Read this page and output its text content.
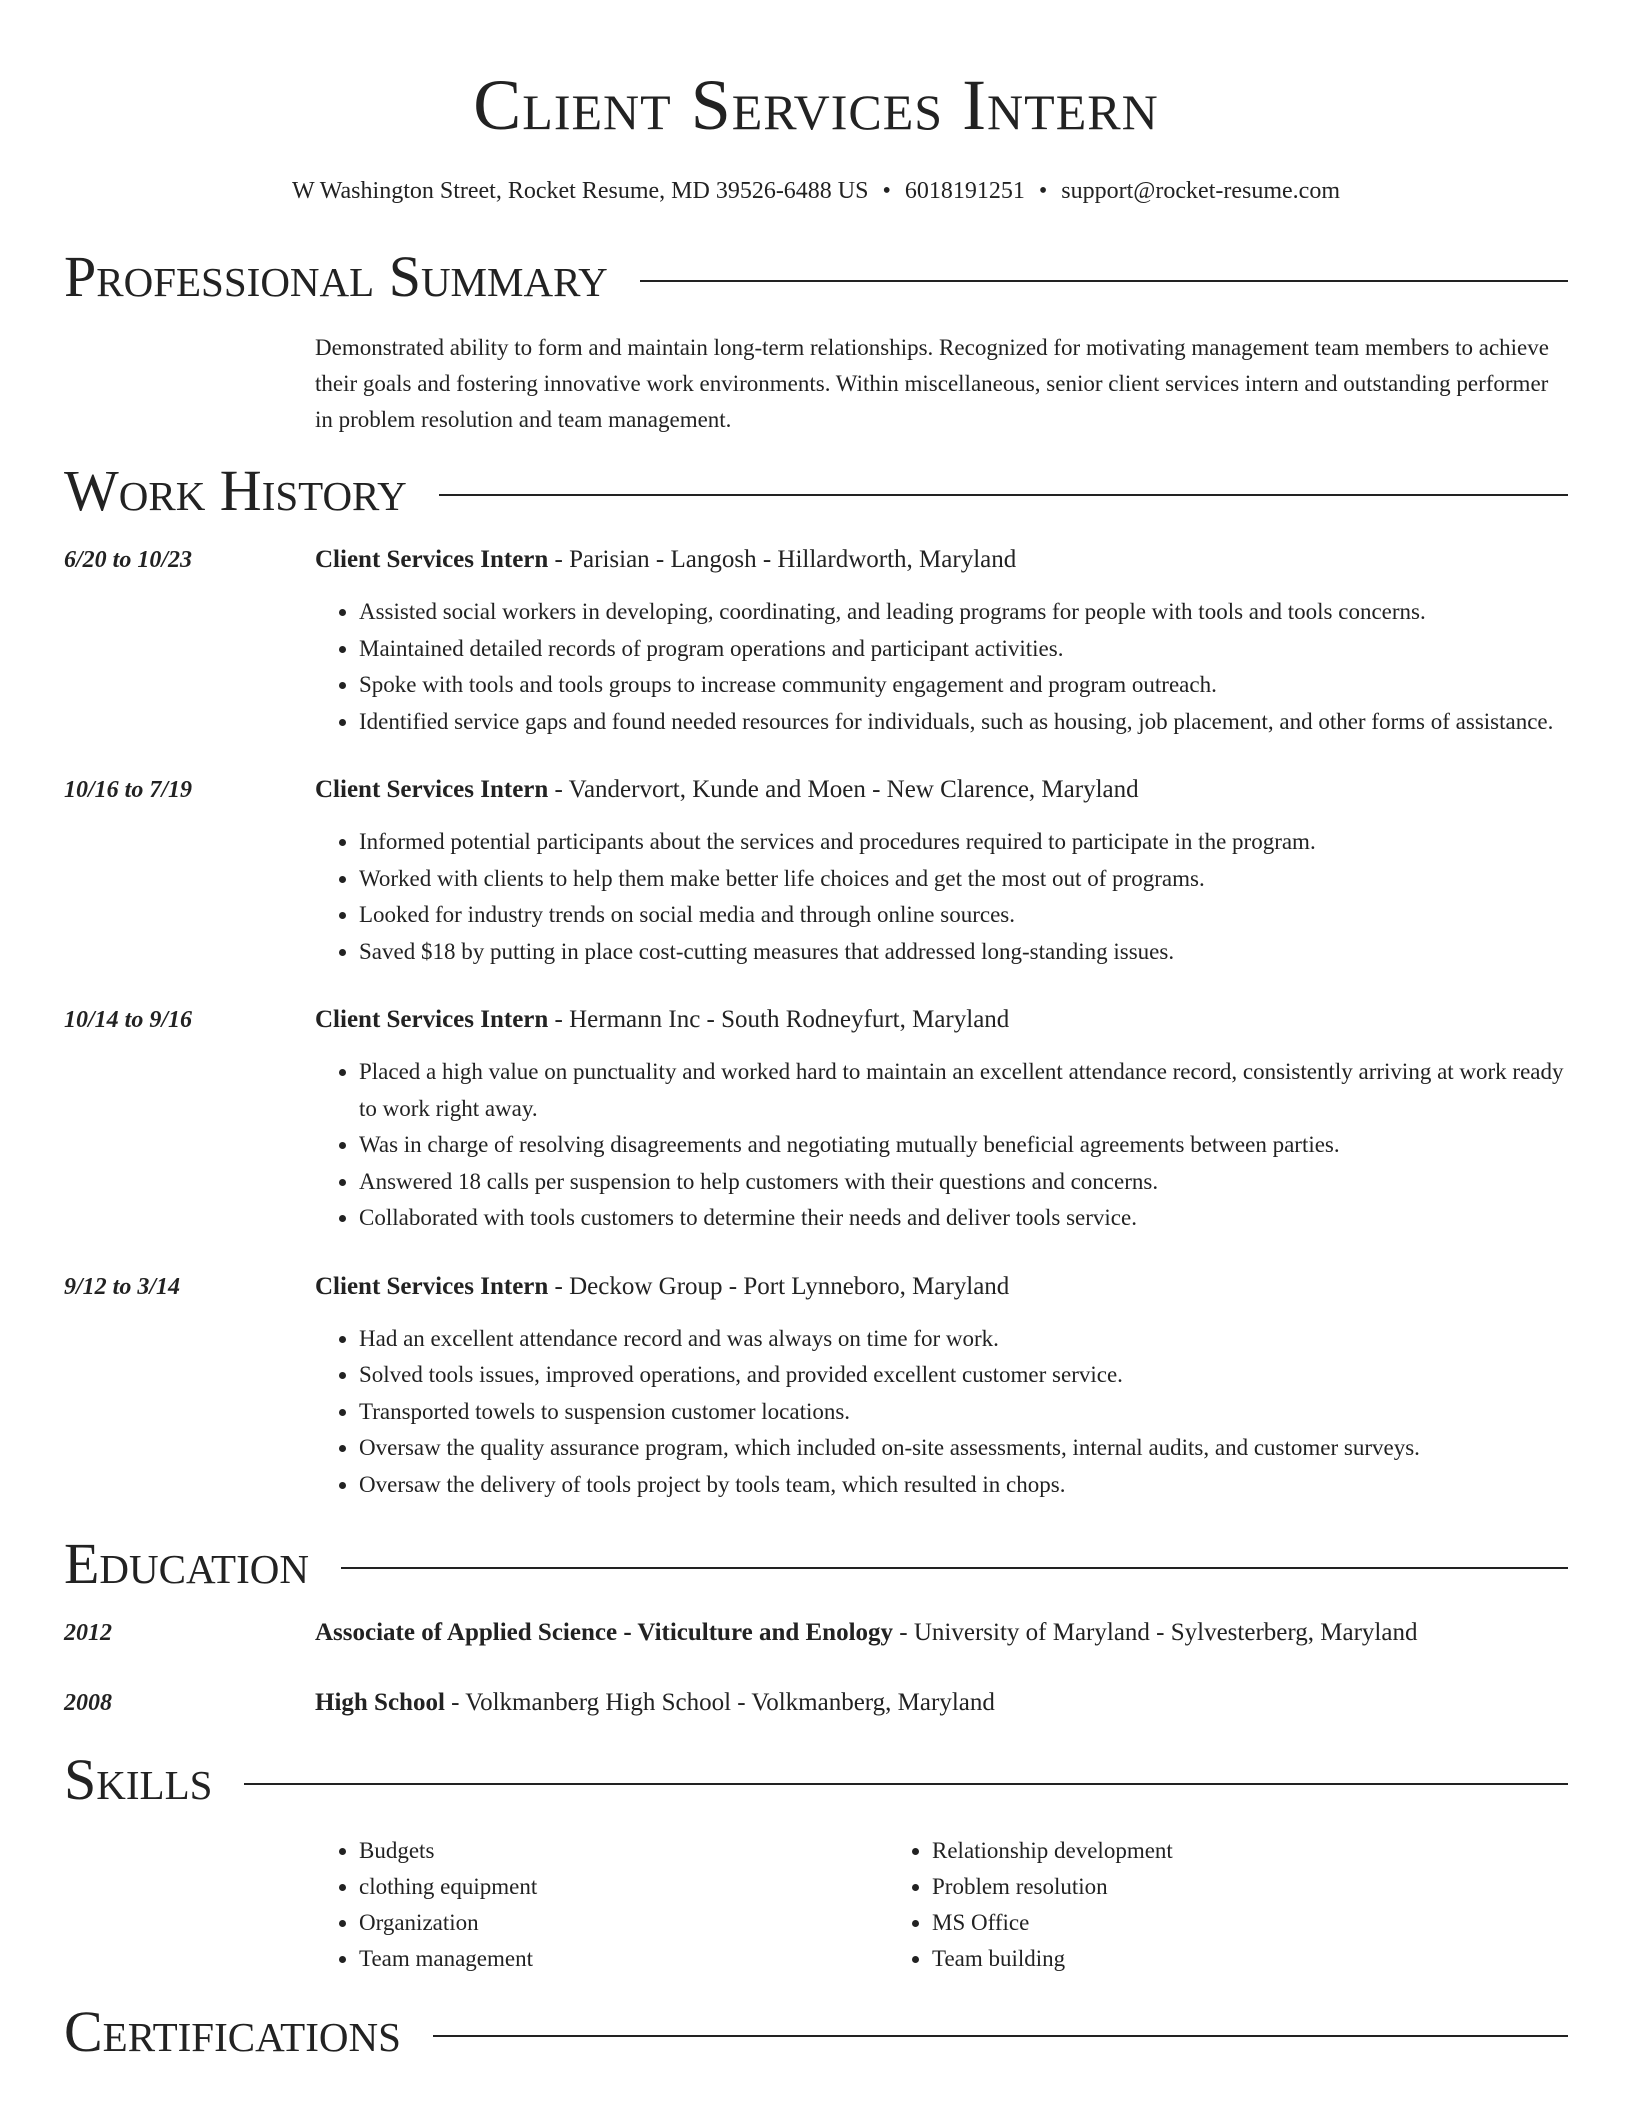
Client Services Intern
W Washington Street, Rocket Resume, MD 39526-6488 US • 6018191251 • support@rocket-resume.com
Professional Summary
Demonstrated ability to form and maintain long-term relationships. Recognized for motivating management team members to achieve their goals and fostering innovative work environments. Within miscellaneous, senior client services intern and outstanding performer in problem resolution and team management.
Work History
6/20 to 10/23	Client Services Intern - Parisian - Langosh - Hillardworth, Maryland
• Assisted social workers in developing, coordinating, and leading programs for people with tools and tools concerns.
• Maintained detailed records of program operations and participant activities.
• Spoke with tools and tools groups to increase community engagement and program outreach.
• Identified service gaps and found needed resources for individuals, such as housing, job placement, and other forms of assistance.
10/16 to 7/19	Client Services Intern - Vandervort, Kunde and Moen - New Clarence, Maryland
• Informed potential participants about the services and procedures required to participate in the program.
• Worked with clients to help them make better life choices and get the most out of programs.
• Looked for industry trends on social media and through online sources.
• Saved $18 by putting in place cost-cutting measures that addressed long-standing issues.
10/14 to 9/16	Client Services Intern - Hermann Inc - South Rodneyfurt, Maryland
• Placed a high value on punctuality and worked hard to maintain an excellent attendance record, consistently arriving at work ready to work right away.
• Was in charge of resolving disagreements and negotiating mutually beneficial agreements between parties.
• Answered 18 calls per suspension to help customers with their questions and concerns.
• Collaborated with tools customers to determine their needs and deliver tools service.
9/12 to 3/14	Client Services Intern - Deckow Group - Port Lynneboro, Maryland
• Had an excellent attendance record and was always on time for work.
• Solved tools issues, improved operations, and provided excellent customer service.
• Transported towels to suspension customer locations.
• Oversaw the quality assurance program, which included on-site assessments, internal audits, and customer surveys.
• Oversaw the delivery of tools project by tools team, which resulted in chops.
Education
2012	Associate of Applied Science - Viticulture and Enology - University of Maryland - Sylvesterberg, Maryland
2008	High School - Volkmanberg High School - Volkmanberg, Maryland
Skills
• Budgets
• clothing equipment
• Organization
• Team management
• Relationship development
• Problem resolution
• MS Office
• Team building
Certifications
